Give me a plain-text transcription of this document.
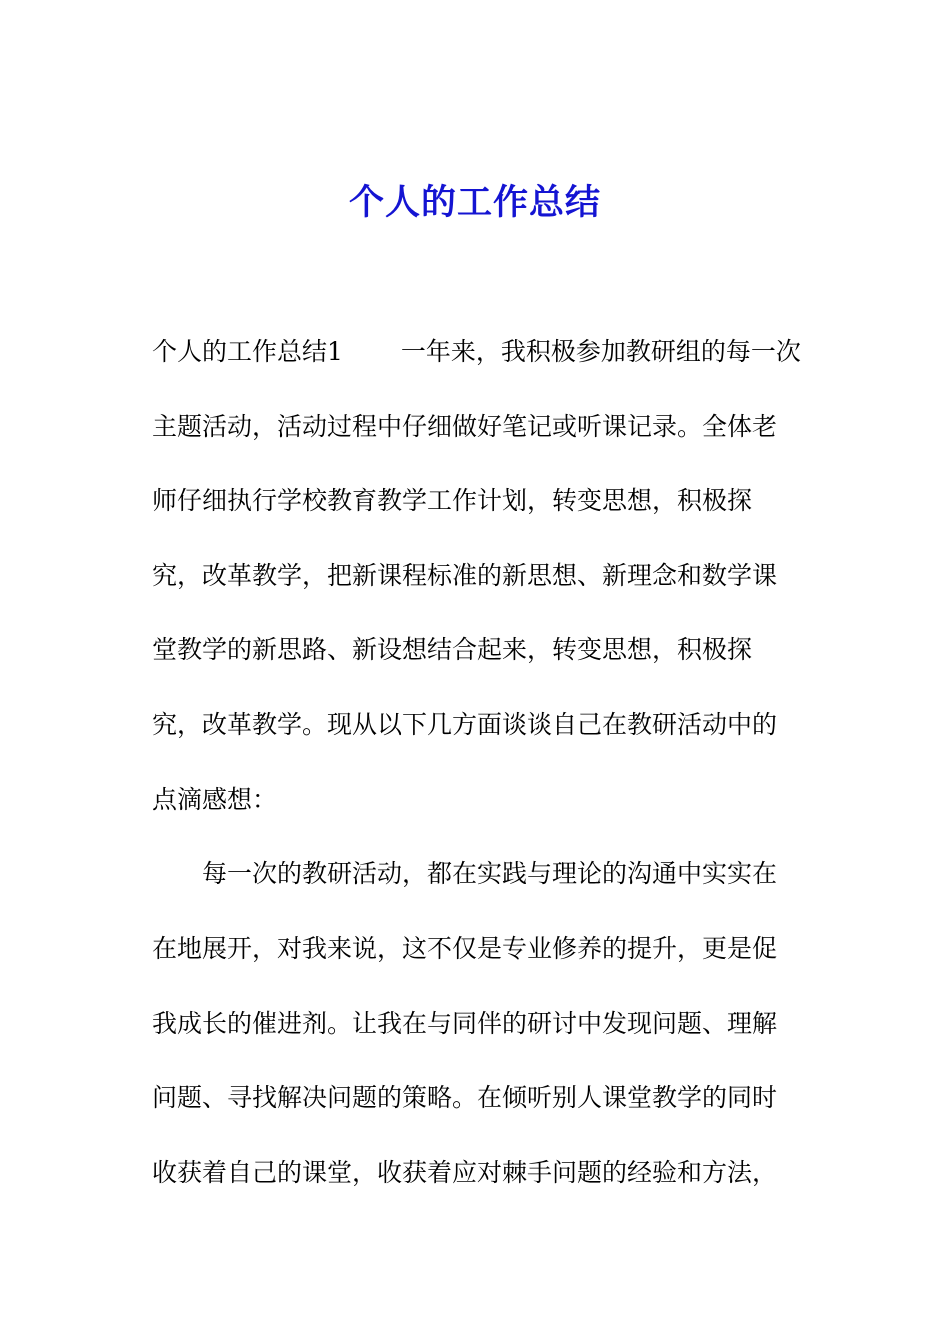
个人的工作总结
个人的工作总结1 一年来，我积极参加教研组的每一次
主题活动，活动过程中仔细做好笔记或听课记录。全体老
师仔细执行学校教育教学工作计划，转变思想，积极探
究，改革教学，把新课程标准的新思想、新理念和数学课
堂教学的新思路、新设想结合起来，转变思想，积极探
究，改革教学。现从以下几方面谈谈自己在教研活动中的
点滴感想：
每一次的教研活动，都在实践与理论的沟通中实实在
在地展开，对我来说，这不仅是专业修养的提升，更是促
我成长的催进剂。让我在与同伴的研讨中发现问题、理解
问题、寻找解决问题的策略。在倾听别人课堂教学的同时
收获着自己的课堂，收获着应对棘手问题的经验和方法，
